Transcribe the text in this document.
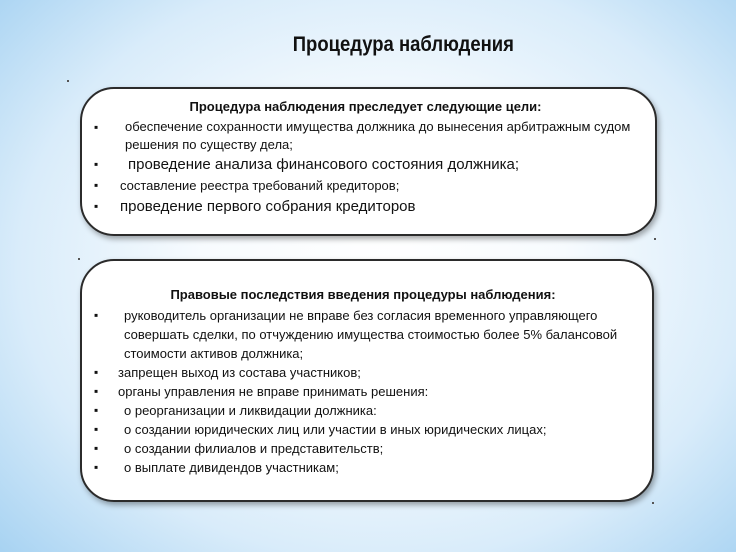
Процедура наблюдения
Процедура наблюдения преследует следующие цели:
▪ обеспечение сохранности имущества должника до вынесения арбитражным судом решения по существу дела;
▪ проведение анализа финансового состояния должника;
▪ составление реестра требований кредиторов;
▪ проведение первого собрания кредиторов
Правовые последствия введения процедуры наблюдения:
▪ руководитель организации не вправе без согласия временного управляющего совершать сделки, по отчуждению имущества стоимостью более 5% балансовой стоимости активов должника;
▪ запрещен выход из состава участников;
▪ органы управления не вправе принимать решения:
▪ о реорганизации и ликвидации должника:
▪ о создании юридических лиц или участии в иных юридических лицах;
▪ о создании филиалов и представительств;
▪ о выплате дивидендов участникам;
